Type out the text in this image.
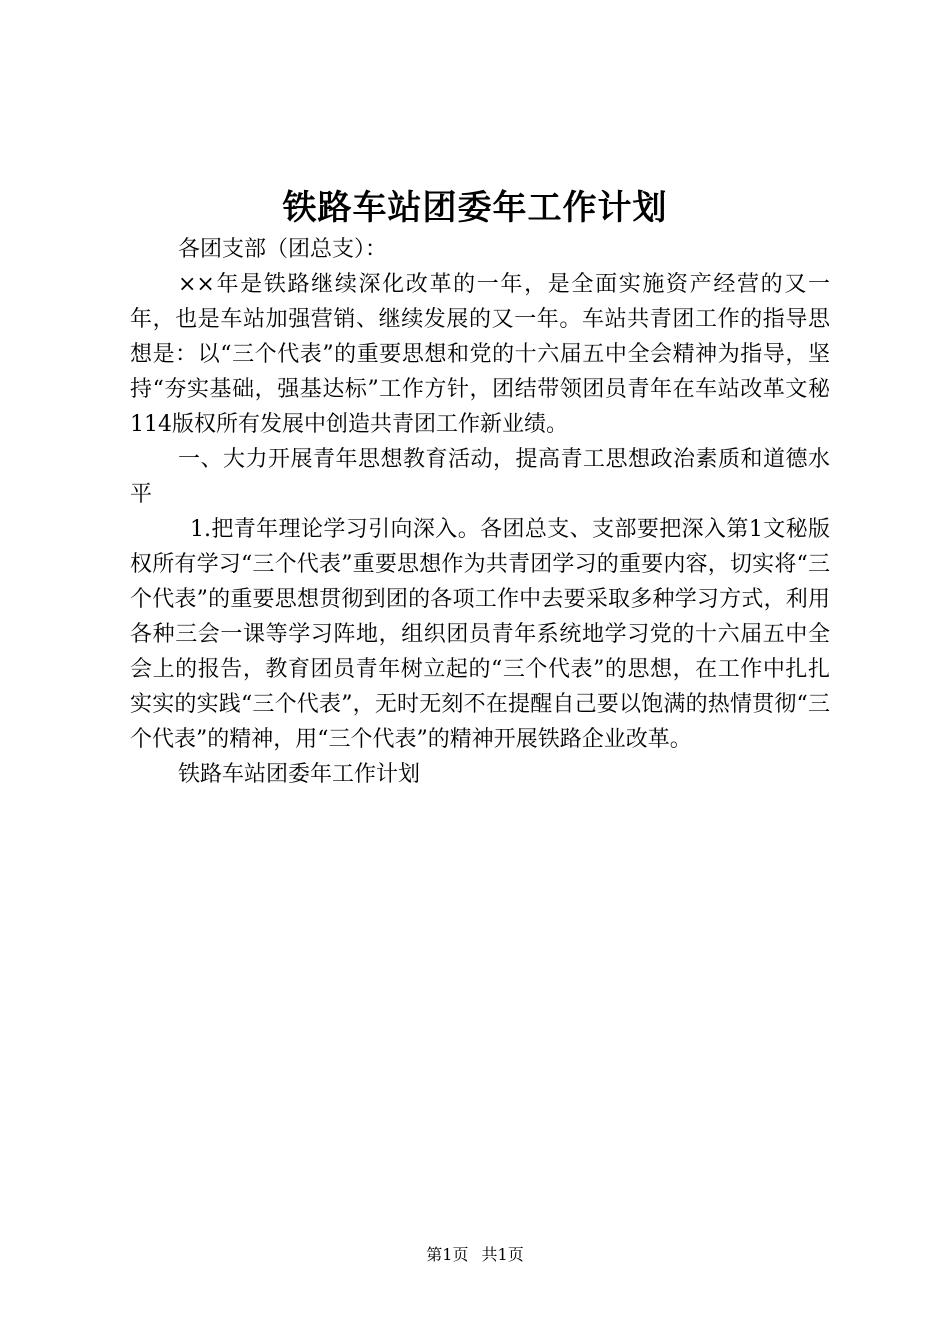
铁路车站团委年工作计划

各团支部（团总支）：

××年是铁路继续深化改革的一年，是全面实施资产经营的又一年，也是车站加强营销、继续发展的又一年。车站共青团工作的指导思想是：以“三个代表”的重要思想和党的十六届五中全会精神为指导，坚持“夯实基础，强基达标”工作方针，团结带领团员青年在车站改革文秘114版权所有发展中创造共青团工作新业绩。

一、大力开展青年思想教育活动，提高青工思想政治素质和道德水平

1.把青年理论学习引向深入。各团总支、支部要把深入第1文秘版权所有学习“三个代表”重要思想作为共青团学习的重要内容，切实将“三个代表”的重要思想贯彻到团的各项工作中去要采取多种学习方式，利用各种三会一课等学习阵地，组织团员青年系统地学习党的十六届五中全会上的报告，教育团员青年树立起的“三个代表”的思想，在工作中扎扎实实的实践“三个代表”，无时无刻不在提醒自己要以饱满的热情贯彻“三个代表”的精神，用“三个代表”的精神开展铁路企业改革。

铁路车站团委年工作计划

第1页 共1页
